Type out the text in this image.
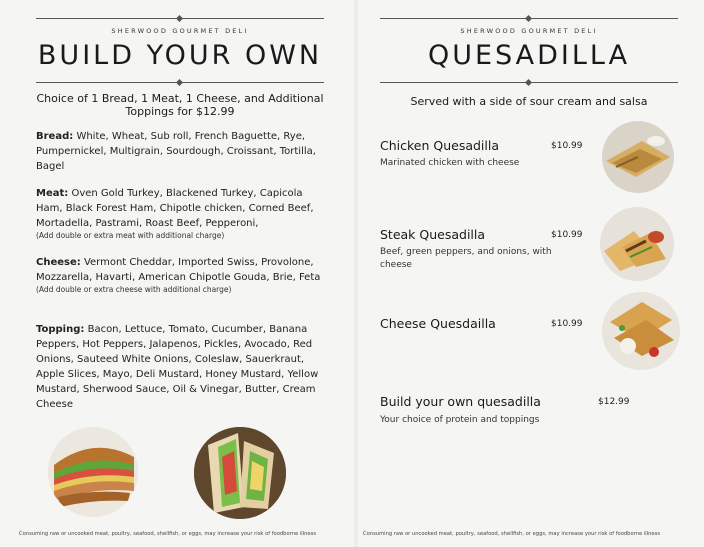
SHERWOOD GOURMET DELI
BUILD YOUR OWN
Choice of 1 Bread, 1 Meat, 1 Cheese, and Additional Toppings for $12.99
Bread: White, Wheat, Sub roll, French Baguette, Rye, Pumpernickel, Multigrain, Sourdough, Croissant, Tortilla, Bagel
Meat: Oven Gold Turkey, Blackened Turkey, Capicola Ham, Black Forest Ham, Chipotle chicken, Corned Beef, Mortadella, Pastrami, Roast Beef, Pepperoni,
(Add double or extra meat with additional charge)
Cheese: Vermont Cheddar, Imported Swiss, Provolone, Mozzarella, Havarti, American Chipotle Gouda, Brie, Feta
(Add double or extra cheese with additional charge)
Topping: Bacon, Lettuce, Tomato, Cucumber, Banana Peppers, Hot Peppers, Jalapenos, Pickles, Avocado, Red Onions, Sauteed White Onions, Coleslaw, Sauerkraut, Apple Slices, Mayo, Deli Mustard, Honey Mustard, Yellow Mustard, Sherwood Sauce, Oil & Vinegar, Butter, Cream Cheese
Consuming raw or uncooked meat, poultry, seafood, shellfish, or eggs, may increase your risk of foodborne illness
SHERWOOD GOURMET DELI
QUESADILLA
Served with a side of sour cream and salsa
Chicken Quesadilla	$10.99
Marinated chicken with cheese
Steak Quesadilla	$10.99
Beef, green peppers, and onions, with cheese
Cheese Quesdailla	$10.99
Build your own quesadilla	$12.99
Your choice of protein and toppings
Consuming raw or uncooked meat, poultry, seafood, shellfish, or eggs, may increase your risk of foodborne illness
